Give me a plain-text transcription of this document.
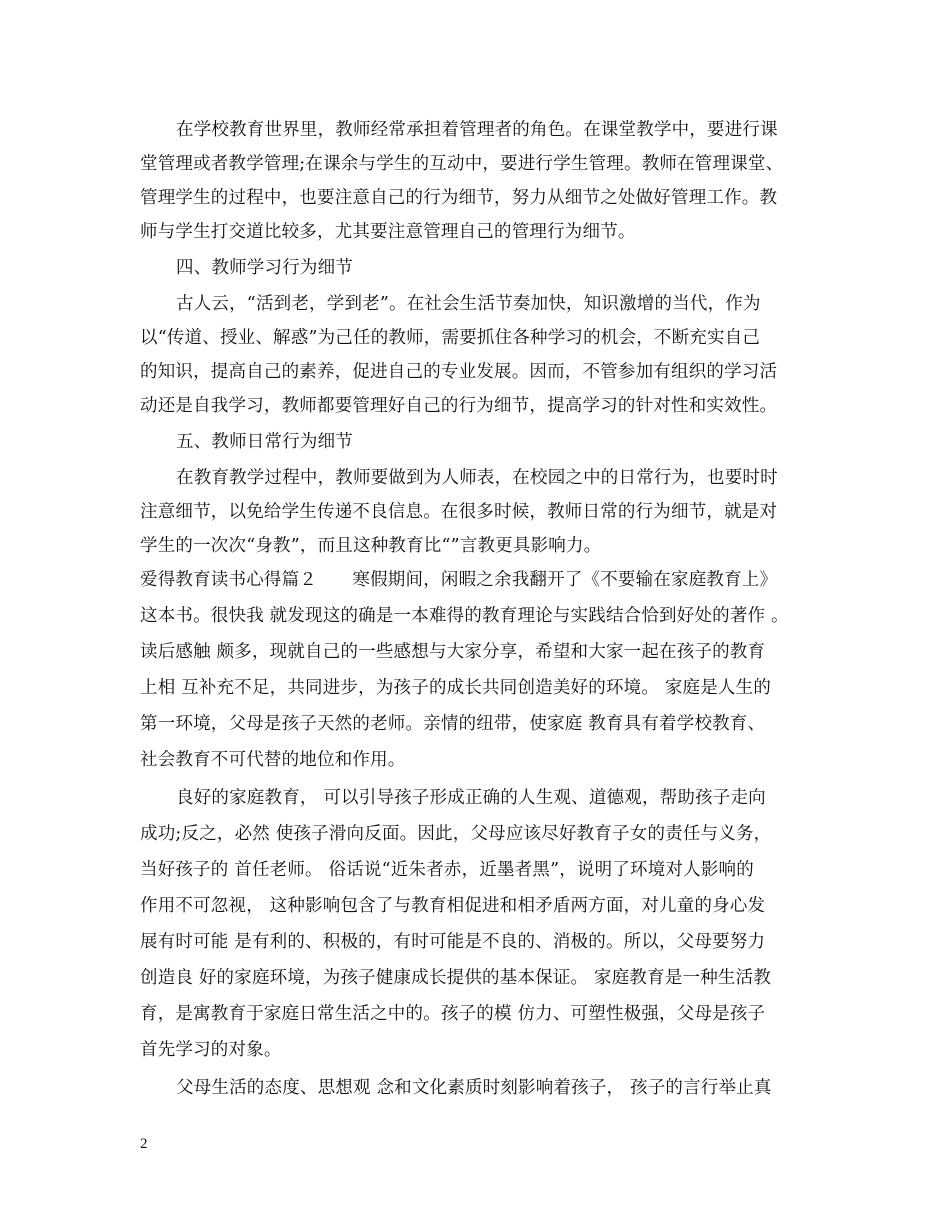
在学校教育世界里，教师经常承担着管理者的角色。在课堂教学中，要进行课
堂管理或者教学管理;在课余与学生的互动中，要进行学生管理。教师在管理课堂、
管理学生的过程中，也要注意自己的行为细节，努力从细节之处做好管理工作。教
师与学生打交道比较多，尤其要注意管理自己的管理行为细节。
四、教师学习行为细节
古人云，“活到老，学到老”。在社会生活节奏加快，知识激增的当代，作为
以“传道、授业、解惑”为己任的教师，需要抓住各种学习的机会，不断充实自己
的知识，提高自己的素养，促进自己的专业发展。因而，不管参加有组织的学习活
动还是自我学习，教师都要管理好自己的行为细节，提高学习的针对性和实效性。
五、教师日常行为细节
在教育教学过程中，教师要做到为人师表，在校园之中的日常行为，也要时时
注意细节，以免给学生传递不良信息。在很多时候，教师日常的行为细节，就是对
学生的一次次“身教”，而且这种教育比“”言教更具影响力。
爱得教育读书心得篇２　　寒假期间，闲暇之余我翻开了《不要输在家庭教育上》
这本书。很快我 就发现这的确是一本难得的教育理论与实践结合恰到好处的著作 。
读后感触 颇多，现就自己的一些感想与大家分享，希望和大家一起在孩子的教育
上相 互补充不足，共同进步，为孩子的成长共同创造美好的环境。 家庭是人生的
第一环境，父母是孩子天然的老师。亲情的纽带，使家庭 教育具有着学校教育、
社会教育不可代替的地位和作用。
良好的家庭教育， 可以引导孩子形成正确的人生观、道德观，帮助孩子走向
成功;反之，必然 使孩子滑向反面。因此，父母应该尽好教育子女的责任与义务，
当好孩子的 首任老师。 俗话说“近朱者赤，近墨者黑”，说明了环境对人影响的
作用不可忽视， 这种影响包含了与教育相促进和相矛盾两方面，对儿童的身心发
展有时可能 是有利的、积极的，有时可能是不良的、消极的。所以，父母要努力
创造良 好的家庭环境，为孩子健康成长提供的基本保证。 家庭教育是一种生活教
育，是寓教育于家庭日常生活之中的。孩子的模 仿力、可塑性极强，父母是孩子
首先学习的对象。
父母生活的态度、思想观 念和文化素质时刻影响着孩子， 孩子的言行举止真
2
